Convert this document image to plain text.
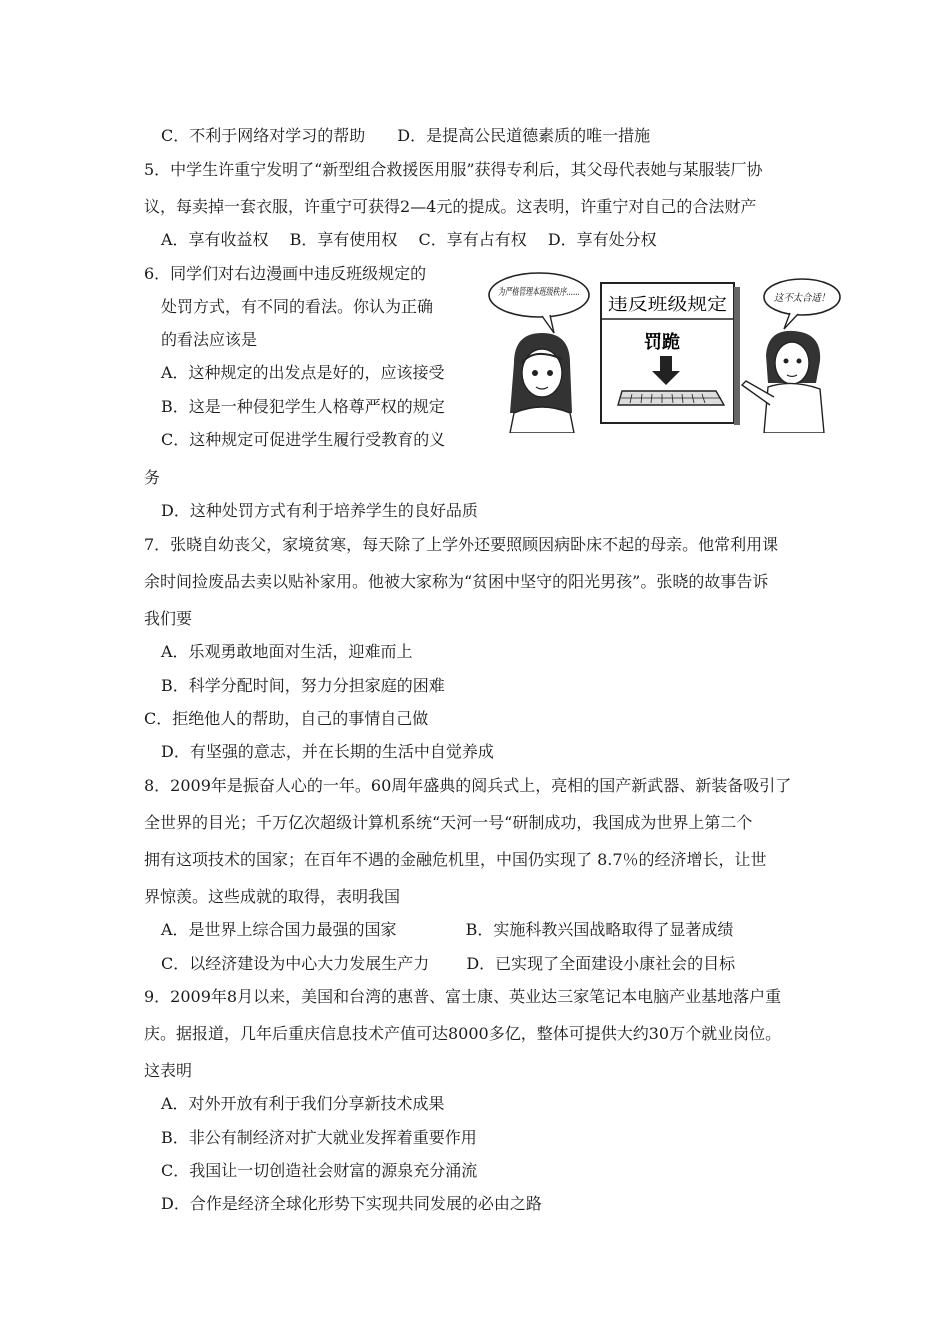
C．不利于网络对学习的帮助　　D．是提高公民道德素质的唯一措施
5．中学生许重宁发明了“新型组合救援医用服”获得专利后，其父母代表她与某服装厂协
议，每卖掉一套衣服，许重宁可获得2—4元的提成。这表明，许重宁对自己的合法财产
A．享有收益权　 B．享有使用权　 C．享有占有权　 D．享有处分权
6．同学们对右边漫画中违反班级规定的
处罚方式，有不同的看法。你认为正确
的看法应该是
A．这种规定的出发点是好的，应该接受
B．这是一种侵犯学生人格尊严权的规定
C．这种规定可促进学生履行受教育的义
务
D．这种处罚方式有利于培养学生的良好品质
7．张晓自幼丧父，家境贫寒，每天除了上学外还要照顾因病卧床不起的母亲。他常利用课
余时间捡废品去卖以贴补家用。他被大家称为“贫困中坚守的阳光男孩”。张晓的故事告诉
我们要
A．乐观勇敢地面对生活，迎难而上
B．科学分配时间，努力分担家庭的困难
C．拒绝他人的帮助，自己的事情自己做
D．有坚强的意志，并在长期的生活中自觉养成
8．2009年是振奋人心的一年。60周年盛典的阅兵式上，亮相的国产新武器、新装备吸引了
全世界的目光；千万亿次超级计算机系统“天河一号“研制成功，我国成为世界上第二个
拥有这项技术的国家；在百年不遇的金融危机里，中国仍实现了 8.7％的经济增长，让世
界惊羡。这些成就的取得，表明我国
A．是世界上综合国力最强的国家　　　　 B．实施科教兴国战略取得了显著成绩
C．以经济建设为中心大力发展生产力　　 D．已实现了全面建设小康社会的目标
9．2009年8月以来，美国和台湾的惠普、富士康、英业达三家笔记本电脑产业基地落户重
庆。据报道，几年后重庆信息技术产值可达8000多亿，整体可提供大约30万个就业岗位。
这表明
A．对外开放有利于我们分享新技术成果
B．非公有制经济对扩大就业发挥着重要作用
C．我国让一切创造社会财富的源泉充分涌流
D．合作是经济全球化形势下实现共同发展的必由之路
为严格管理本班级秩序……
违反班级规定
罚跪
这不太合适！
